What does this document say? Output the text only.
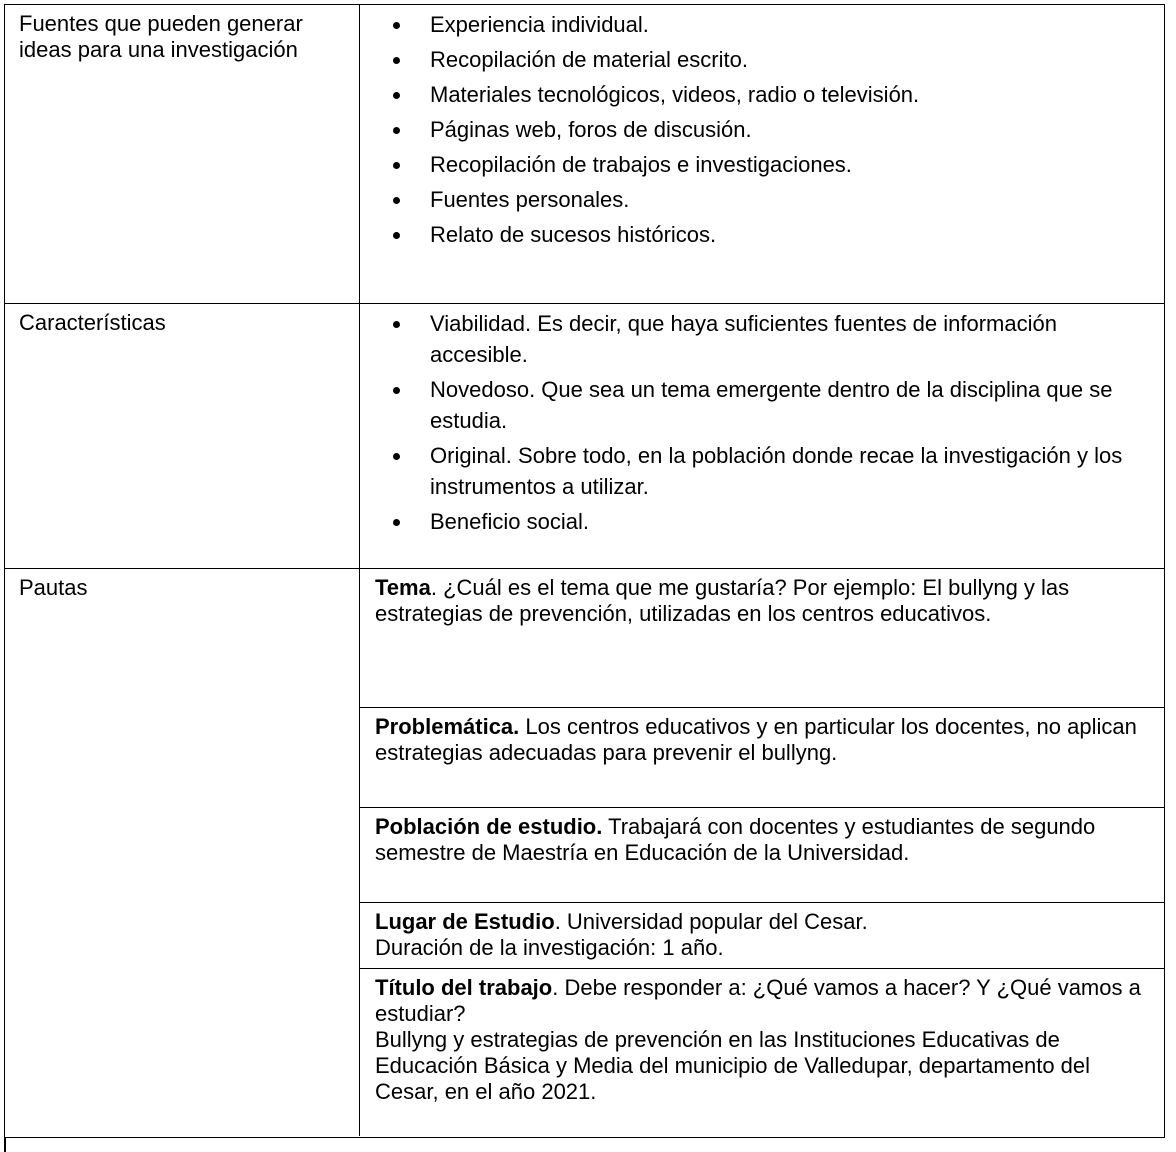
Fuentes que pueden generar ideas para una investigación
Experiencia individual.
Recopilación de material escrito.
Materiales tecnológicos, videos, radio o televisión.
Páginas web, foros de discusión.
Recopilación de trabajos e investigaciones.
Fuentes personales.
Relato de sucesos históricos.
Características	Viabilidad. Es decir, que haya suficientes fuentes de información accesible.
Novedoso. Que sea un tema emergente dentro de la disciplina que se estudia.
Original. Sobre todo, en la población donde recae la investigación y los instrumentos a utilizar.
Beneficio social.
Pautas	Tema. ¿Cuál es el tema que me gustaría? Por ejemplo: El bullyng y las estrategias de prevención, utilizadas en los centros educativos.
Problemática. Los centros educativos y en particular los docentes, no aplican estrategias adecuadas para prevenir el bullyng.
Población de estudio. Trabajará con docentes y estudiantes de segundo semestre de Maestría en Educación de la Universidad.
Lugar de Estudio. Universidad popular del Cesar.
Duración de la investigación: 1 año.
Título del trabajo. Debe responder a: ¿Qué vamos a hacer? Y ¿Qué vamos a estudiar?
Bullyng y estrategias de prevención en las Instituciones Educativas de Educación Básica y Media del municipio de Valledupar, departamento del Cesar, en el año 2021.
